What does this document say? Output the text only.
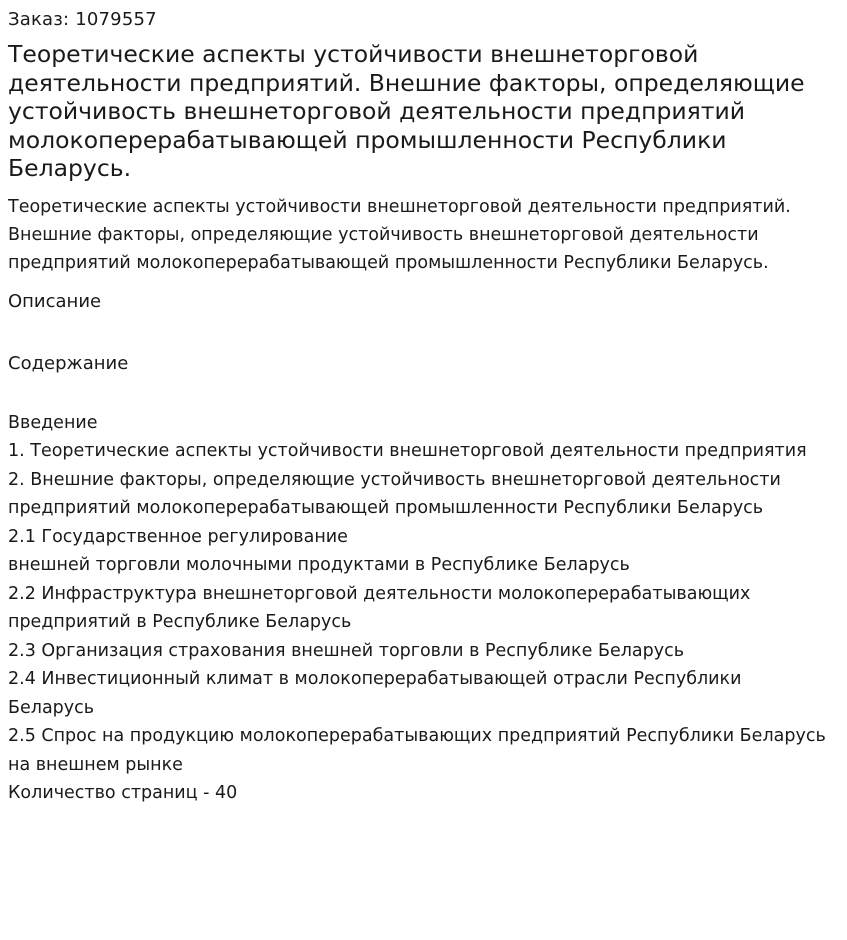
Заказ: 1079557
Теоретические аспекты устойчивости внешнеторговой деятельности предприятий. Внешние факторы, определяющие устойчивость внешнеторговой деятельности предприятий молокоперерабатывающей промышленности Республики Беларусь.

Теоретические аспекты устойчивости внешнеторговой деятельности предприятий. Внешние факторы, определяющие устойчивость внешнеторговой деятельности предприятий молокоперерабатывающей промышленности Республики Беларусь.

Описание
Содержание
Введение
1. Теоретические аспекты устойчивости внешнеторговой деятельности предприятия
2. Внешние факторы, определяющие устойчивость внешнеторговой деятельности предприятий молокоперерабатывающей промышленности Республики Беларусь
2.1 Государственное регулирование
внешней торговли молочными продуктами в Республике Беларусь
2.2 Инфраструктура внешнеторговой деятельности молокоперерабатывающих предприятий в Республике Беларусь
2.3 Организация страхования внешней торговли в Республике Беларусь
2.4 Инвестиционный климат в молокоперерабатывающей отрасли Республики Беларусь
2.5 Спрос на продукцию молокоперерабатывающих предприятий Республики Беларусь на внешнем рынке
Количество страниц - 40
